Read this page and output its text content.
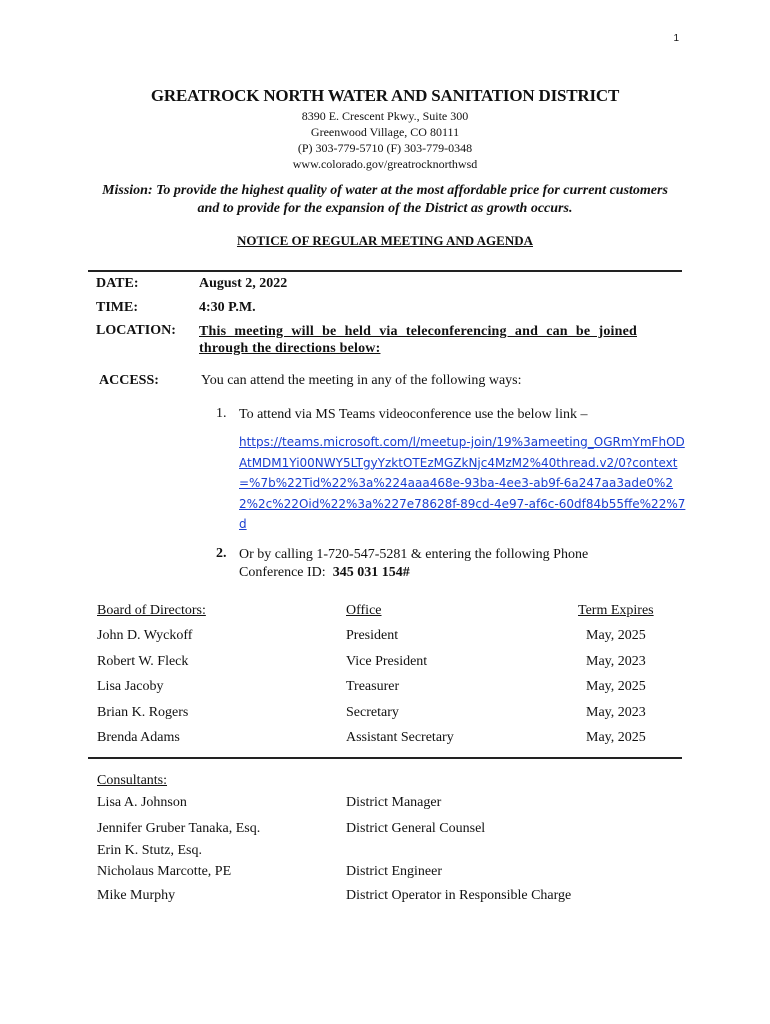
1
GREATROCK NORTH WATER AND SANITATION DISTRICT
8390 E. Crescent Pkwy., Suite 300
Greenwood Village, CO 80111
(P) 303-779-5710 (F) 303-779-0348
www.colorado.gov/greatrocknorthwsd
Mission: To provide the highest quality of water at the most affordable price for current customers and to provide for the expansion of the District as growth occurs.
NOTICE OF REGULAR MEETING AND AGENDA
DATE:	August 2, 2022
TIME:	4:30 P.M.
LOCATION: This meeting will be held via teleconferencing and can be joined through the directions below:
ACCESS:	You can attend the meeting in any of the following ways:
1. To attend via MS Teams videoconference use the below link –
https://teams.microsoft.com/l/meetup-join/19%3ameeting_OGRmYmFhODAtMDM1Yi00NWY5LTgyYzktOTEzMGZkNjc4MzM2%40thread.v2/0?context=%7b%22Tid%22%3a%224aaa468e-93ba-4ee3-ab9f-6a247aa3ade0%22%2c%22Oid%22%3a%227e78628f-89cd-4e97-af6c-60df84b55ffe%22%7d
2. Or by calling 1-720-547-5281 & entering the following Phone
Conference ID: 345 031 154#
Board of Directors:	Office	Term Expires
John D. Wyckoff	President	May, 2025
Robert W. Fleck	Vice President	May, 2023
Lisa Jacoby	Treasurer	May, 2025
Brian K. Rogers	Secretary	May, 2023
Brenda Adams	Assistant Secretary	May, 2025
Consultants:
Lisa A. Johnson	District Manager
Jennifer Gruber Tanaka, Esq.	District General Counsel
Erin K. Stutz, Esq.
Nicholaus Marcotte, PE	District Engineer
Mike Murphy	District Operator in Responsible Charge
